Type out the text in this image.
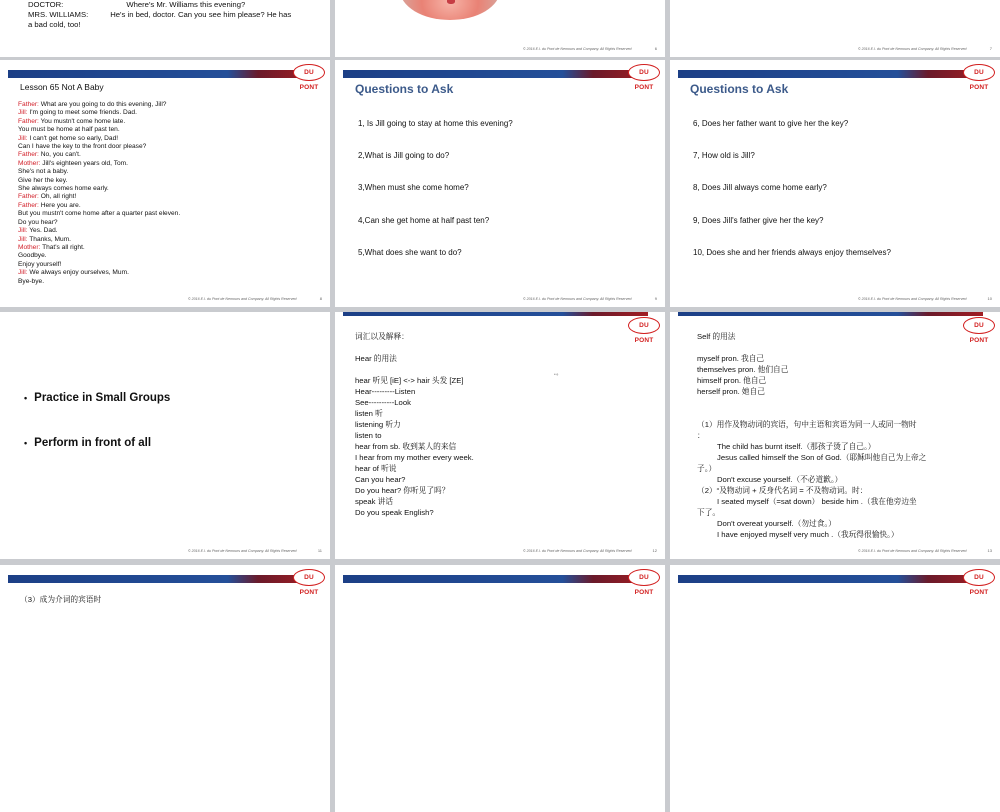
DOCTOR:	Where's Mr. Williams this evening?
MRS. WILLIAMS:	He's in bed, doctor. Can you see him please? He has
a bad cold, too!
© 2016 E.I. du Pont de Nemours and Company. All Rights Reserved	6	© 2016 E.I. du Pont de Nemours and Company. All Rights Reserved	7
DU PONT
Lesson 65 Not A Baby
Father: What are you going to do this evening, Jill?
Jill: I'm going to meet some friends. Dad.
Father: You mustn't come home late.
You must be home at half past ten.
Jill: I can't get home so early, Dad!
Can I have the key to the front door please?
Father: No, you can't.
Mother: Jill's eighteen years old, Tom.
She's not a baby.
Give her the key.
She always comes home early.
Father: Oh, all right!
Father: Here you are.
But you mustn't come home after a quarter past eleven.
Do you hear?
Jill: Yes. Dad.
Jill: Thanks, Mum.
Mother: That's all right.
Goodbye.
Enjoy yourself!
Jill: We always enjoy ourselves, Mum.
Bye-bye.
© 2016 E.I. du Pont de Nemours and Company. All Rights Reserved	8
DU PONT
Questions to Ask
1, Is Jill going to stay at home this evening?
2,What is Jill going to do?
3,When must she come home?
4,Can she get home at half past ten?
5,What does she want to do?
© 2016 E.I. du Pont de Nemours and Company. All Rights Reserved	9
DU PONT
Questions to Ask
6, Does her father want to give her the key?
7, How old is Jill?
8, Does Jill always come home early?
9, Does Jill's father give her the key?
10, Does she and her friends always enjoy themselves?
© 2016 E.I. du Pont de Nemours and Company. All Rights Reserved	10
• Practice in Small Groups
• Perform in front of all
© 2016 E.I. du Pont de Nemours and Company. All Rights Reserved	11
DU PONT
词汇以及解释：
Hear 的用法
hear 听见 [iE] <-> hair 头发 [ZE]
Hear---------Listen
See----------Look
listen 听
listening 听力
listen to
hear from sb. 收到某人的来信
I hear from my mother every week.
hear of 听说
Can you hear?
Do you hear? 你听见了吗？
speak 讲话
Do you speak English?
e.g.
© 2016 E.I. du Pont de Nemours and Company. All Rights Reserved	12
DU PONT
Self 的用法
myself pron. 我自己
themselves pron. 他们自己
himself pron. 他自己
herself pron. 她自己
（1）用作及物动词的宾语，句中主语和宾语为同一人或同一物时
：
The child has burnt itself.（那孩子烫了自己。）
Jesus called himself the Son of God.（耶稣叫他自己为上帝之
子。）
Don't excuse yourself.（不必道歉。）
（2）“及物动词 + 反身代名词 = 不及物动词。时：
I seated myself（=sat down） beside him .（我在他旁边坐
下了。
Don't overeat yourself.（勿过食。）
I have enjoyed myself very much .（我玩得很愉快。）
© 2016 E.I. du Pont de Nemours and Company. All Rights Reserved	13
DU PONT
（3）成为介词的宾语时
DU PONT
DU PONT
